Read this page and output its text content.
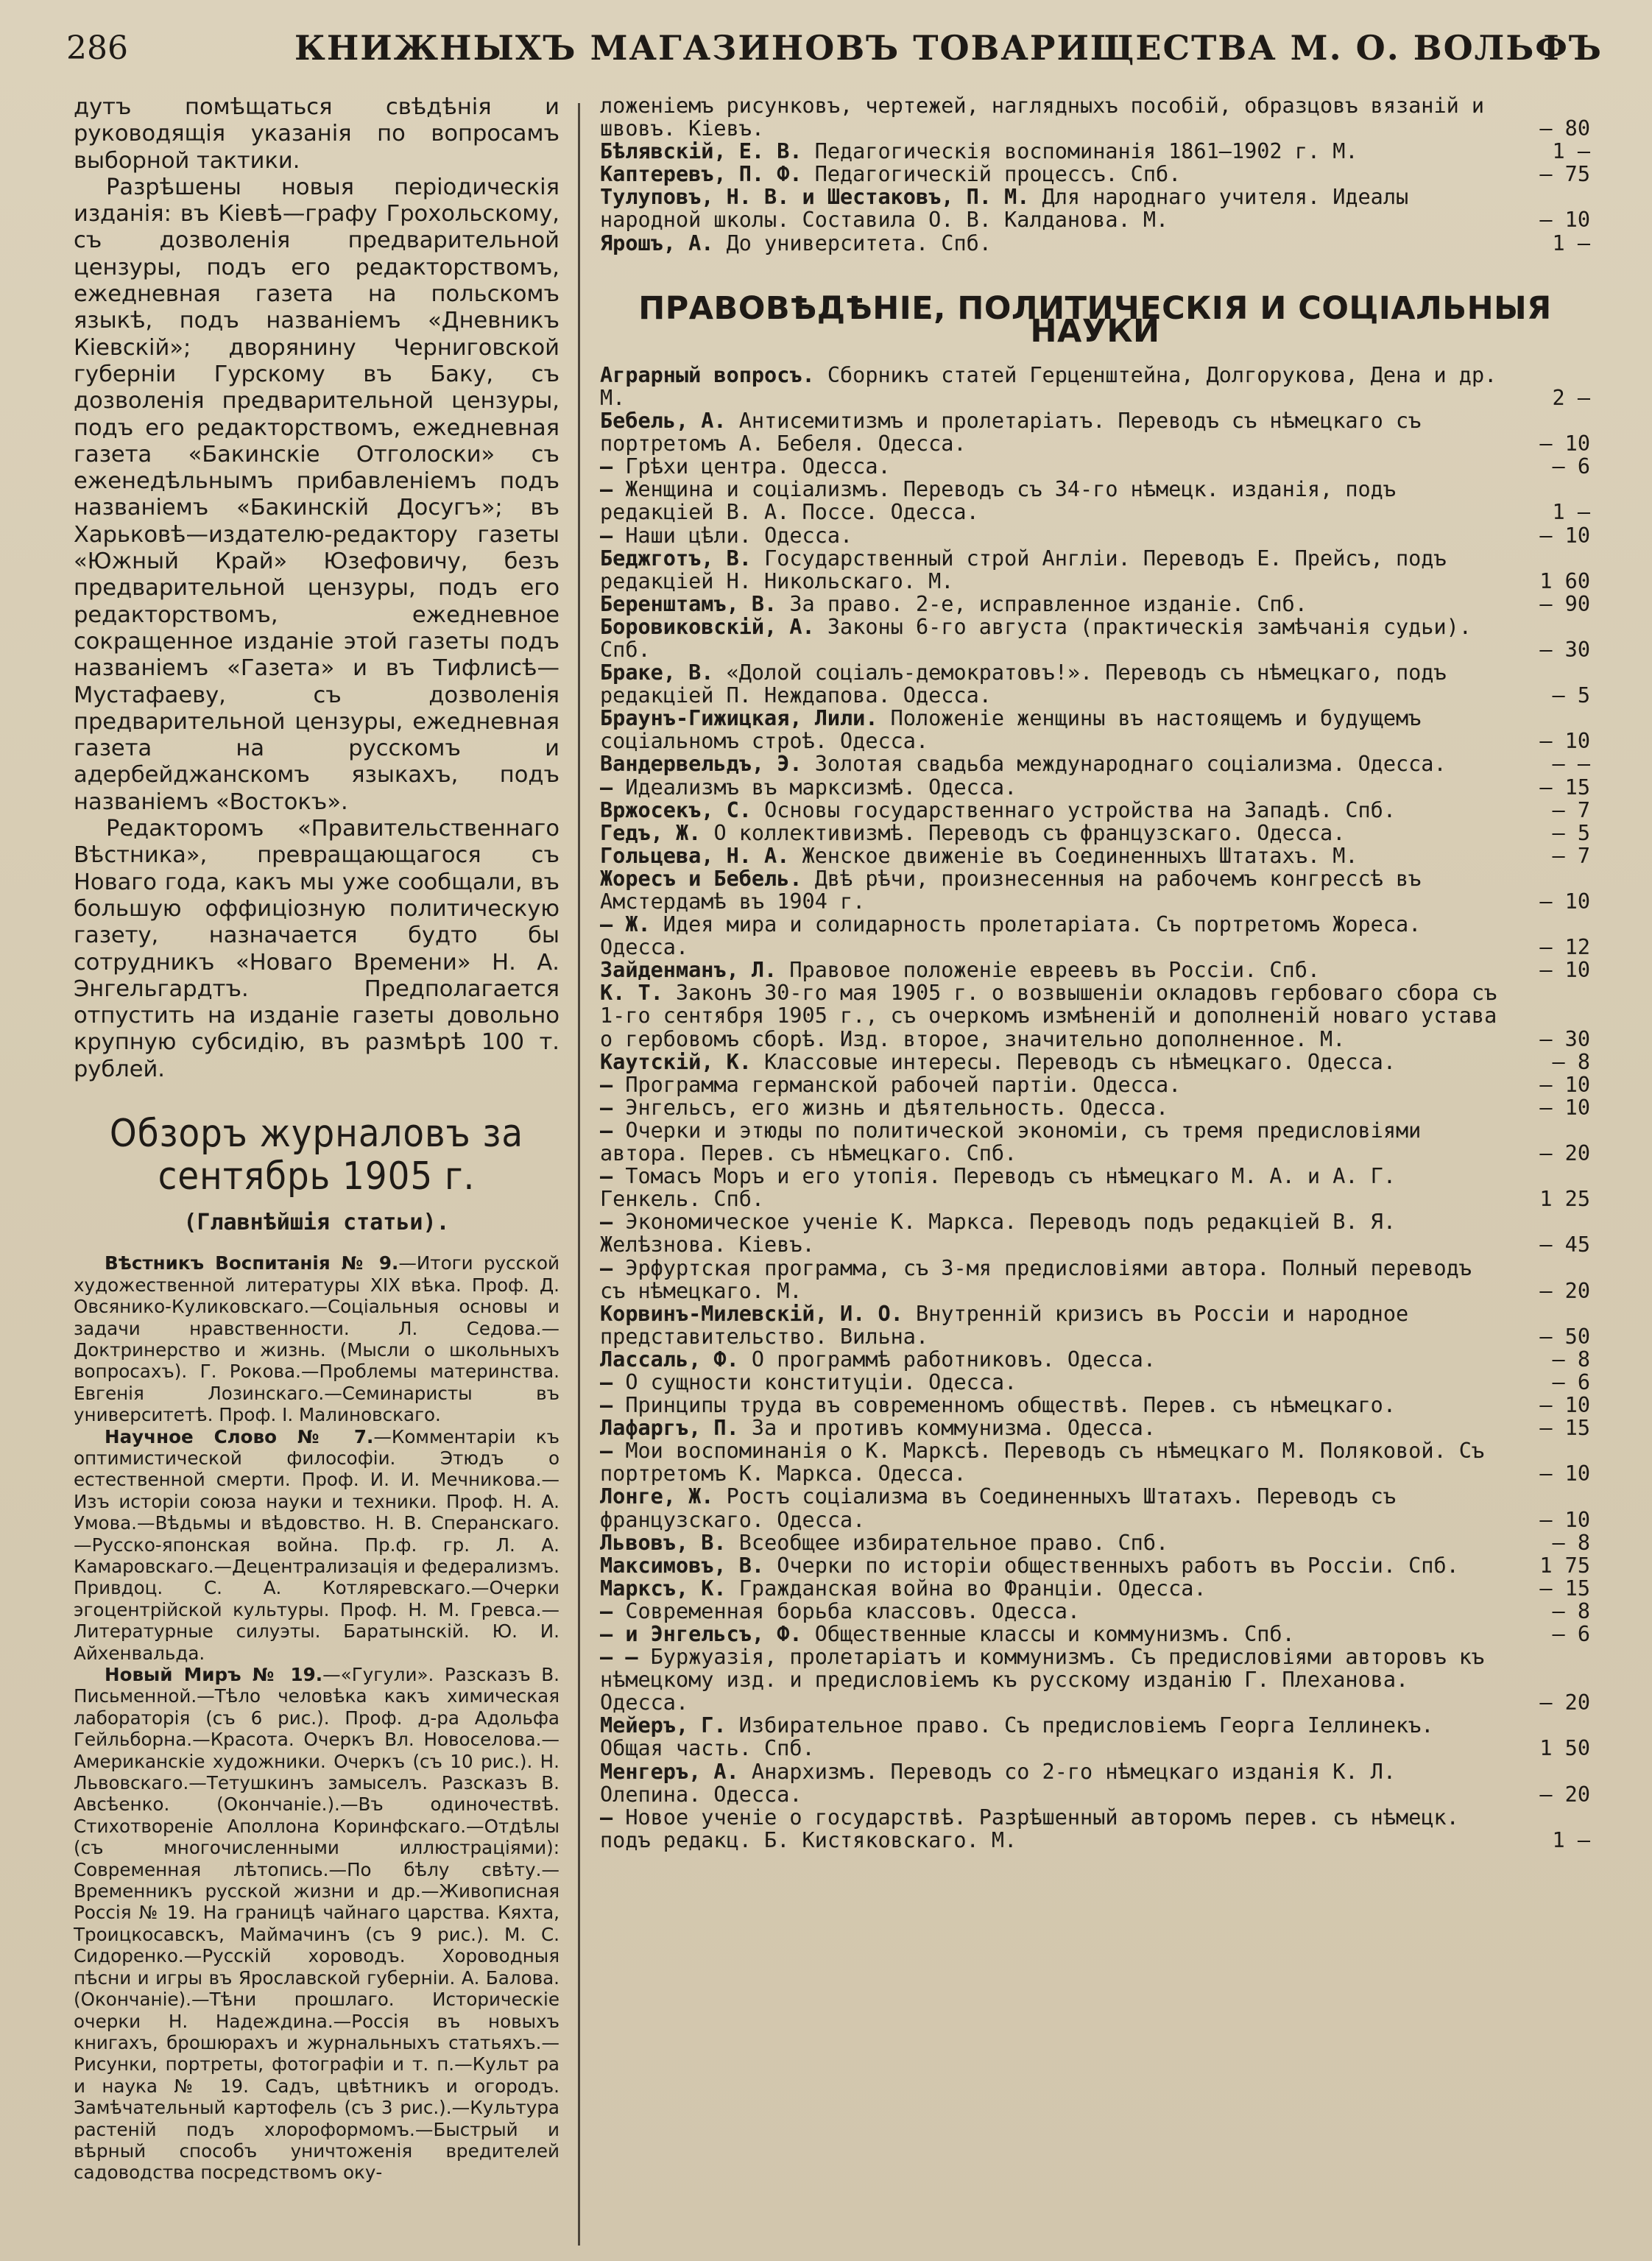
286	КНИЖНЫХЪ МАГАЗИНОВЪ ТОВАРИЩЕСТВА М. О. ВОЛЬФЪ

дутъ помѣщаться свѣдѣнія и руководящія указанія по вопросамъ выборной тактики.

Разрѣшены новыя періодическія изданія: въ Кіевѣ—графу Грохольскому, съ дозволенія предварительной цензуры, подъ его редакторствомъ, ежедневная газета на польскомъ языкѣ, подъ названіемъ «Дневникъ Кіевскій»; дворянину Черниговской губерніи Гурскому въ Баку, съ дозволенія предварительной цензуры, подъ его редакторствомъ, ежедневная газета «Бакинскіе Отголоски» съ еженедѣльнымъ прибавленіемъ подъ названіемъ «Бакинскій Досугъ»; въ Харьковѣ—издателю-редактору газеты «Южный Край» Юзефовичу, безъ предварительной цензуры, подъ его редакторствомъ, ежедневное сокращенное изданіе этой газеты подъ названіемъ «Газета» и въ Тифлисѣ—Мустафаеву, съ дозволенія предварительной цензуры, ежедневная газета на русскомъ и адербейджанскомъ языкахъ, подъ названіемъ «Востокъ».

Редакторомъ «Правительственнаго Вѣстника», превращающагося съ Новаго года, какъ мы уже сообщали, въ большую оффиціозную политическую газету, назначается будто бы сотрудникъ «Новаго Времени» Н. А. Энгельгардтъ. Предполагается отпустить на изданіе газеты довольно крупную субсидію, въ размѣрѣ 100 т. рублей.

Обзоръ журналовъ за сентябрь 1905 г.
(Главнѣйшія статьи).

Вѣстникъ Воспитанія № 9.—Итоги русской художественной литературы XIX вѣка. Проф. Д. Овсянико-Куликовскаго.—Соціальныя основы и задачи нравственности. Л. Седова.—Доктринерство и жизнь. (Мысли о школьныхъ вопросахъ). Г. Рокова.—Проблемы материнства. Евгенія Лозинскаго.—Семинаристы въ университетѣ. Проф. I. Малиновскаго.

Научное Слово № 7.—Комментаріи къ оптимистической философіи. Этюдъ о естественной смерти. Проф. И. И. Мечникова.—Изъ исторіи союза науки и техники. Проф. Н. А. Умова.—Вѣдьмы и вѣдовство. Н. В. Сперанскаго.—Русско-японская война. Пр.ф. гр. Л. А. Камаровскаго.—Децентрализація и федерализмъ. Привдоц. С. А. Котляревскаго.—Очерки эгоцентрійской культуры. Проф. Н. М. Гревса.—Литературные силуэты. Баратынскій. Ю. И. Айхенвальда.

Новый Миръ № 19.—«Гугули». Разсказъ В. Письменной.—Тѣло человѣка какъ химическая лабораторія (съ 6 рис.). Проф. д-ра Адольфа Гейльборна.—Красота. Очеркъ Вл. Новоселова.—Американскіе художники. Очеркъ (съ 10 рис.). Н. Львовскаго.—Тетушкинъ замыселъ. Разсказъ В. Авсѣенко. (Окончаніе.).—Въ одиночествѣ. Стихотвореніе Аполлона Коринфскаго.—Отдѣлы (съ многочисленными иллюстраціями): Современная лѣтопись.—По бѣлу свѣту.—Временникъ русской жизни и др.—Живописная Россія № 19. На границѣ чайнаго царства. Кяхта, Троицкосавскъ, Маймачинъ (съ 9 рис.). М. С. Сидоренко.—Русскій хороводъ. Хороводныя пѣсни и игры въ Ярославской губерніи. А. Балова. (Окончаніе).—Тѣни прошлаго. Историческіе очерки Н. Надеждина.—Россія въ новыхъ книгахъ, брошюрахъ и журнальныхъ статьяхъ.—Рисунки, портреты, фотографіи и т. п.—Культ ра и наука № 19. Садъ, цвѣтникъ и огородъ. Замѣчательный картофель (съ 3 рис.).—Культура растеній подъ хлороформомъ.—Быстрый и вѣрный способъ уничтоженія вредителей садоводства посредствомъ оку-

ложеніемъ рисунковъ, чертежей, наглядныхъ пособій, образцовъ вязаній и швовъ. Кіевъ.	— 80
Бѣлявскій, Е. В. Педагогическія воспоминанія 1861—1902 г. М.	1 —
Каптеревъ, П. Ф. Педагогическій процессъ. Спб.	— 75
Тулуповъ, Н. В. и Шестаковъ, П. М. Для народнаго учителя. Идеалы народной школы. Составила О. В. Калданова. М.	— 10
Ярошъ, А. До университета. Спб.	1 —
ПРАВОВѢДѢНІЕ, ПОЛИТИЧЕСКІЯ И СОЦІАЛЬНЫЯ НАУКИ
Аграрный вопросъ. Сборникъ статей Герценштейна, Долгорукова, Дена и др. М.	2 —
Бебель, А. Антисемитизмъ и пролетаріатъ. Переводъ съ нѣмецкаго съ портретомъ А. Бебеля. Одесса.	— 10
— Грѣхи центра. Одесса.	— 6
— Женщина и соціализмъ. Переводъ съ 34-го нѣмецк. изданія, подъ редакціей В. А. Поссе. Одесса.	1 —
— Наши цѣли. Одесса.	— 10
Беджготъ, В. Государственный строй Англіи. Переводъ Е. Прейсъ, подъ редакціей Н. Никольскаго. М.	1 60
Беренштамъ, В. За право. 2-е, исправленное изданіе. Спб.	— 90
Боровиковскій, А. Законы 6-го августа (практическія замѣчанія судьи). Спб.	— 30
Браке, В. «Долой соціалъ-демократовъ!». Переводъ съ нѣмецкаго, подъ редакціей П. Неждапова. Одесса.	— 5
Браунъ-Гижицкая, Лили. Положеніе женщины въ настоящемъ и будущемъ соціальномъ строѣ. Одесса.	— 10
Вандервельдъ, Э. Золотая свадьба международнаго соціализма. Одесса.	— —
— Идеализмъ въ марксизмѣ. Одесса.	— 15
Вржосекъ, С. Основы государственнаго устройства на Западѣ. Спб.	— 7
Гедъ, Ж. О коллективизмѣ. Переводъ съ французскаго. Одесса.	— 5
Гольцева, Н. А. Женское движеніе въ Соединенныхъ Штатахъ. М.	— 7
Жоресъ и Бебель. Двѣ рѣчи, произнесенныя на рабочемъ конгрессѣ въ Амстердамѣ въ 1904 г.	— 10
— Ж. Идея мира и солидарность пролетаріата. Съ портретомъ Жореса. Одесса.	— 12
Зайденманъ, Л. Правовое положеніе евреевъ въ Россіи. Спб.	— 10
К. Т. Законъ 30-го мая 1905 г. о возвышеніи окладовъ гербоваго сбора съ 1-го сентября 1905 г., съ очеркомъ измѣненій и дополненій новаго устава о гербовомъ сборѣ. Изд. второе, значительно дополненное. М.	— 30
Каутскій, К. Классовые интересы. Переводъ съ нѣмецкаго. Одесса.	— 8
— Программа германской рабочей партіи. Одесса.	— 10
— Энгельсъ, его жизнь и дѣятельность. Одесса.	— 10
— Очерки и этюды по политической экономіи, съ тремя предисловіями автора. Перев. съ нѣмецкаго. Спб.	— 20
— Томасъ Моръ и его утопія. Переводъ съ нѣмецкаго М. А. и А. Г. Генкель. Спб.	1 25
— Экономическое ученіе К. Маркса. Переводъ подъ редакціей В. Я. Желѣзнова. Кіевъ.	— 45
— Эрфуртская программа, съ 3-мя предисловіями автора. Полный переводъ съ нѣмецкаго. М.	— 20
Корвинъ-Милевскій, И. О. Внутренній кризисъ въ Россіи и народное представительство. Вильна.	— 50
Лассаль, Ф. О программѣ работниковъ. Одесса.	— 8
— О сущности конституціи. Одесса.	— 6
— Принципы труда въ современномъ обществѣ. Перев. съ нѣмецкаго.	— 10
Лафаргъ, П. За и противъ коммунизма. Одесса.	— 15
— Мои воспоминанія о К. Марксѣ. Переводъ съ нѣмецкаго М. Поляковой. Съ портретомъ К. Маркса. Одесса.	— 10
Лонге, Ж. Ростъ соціализма въ Соединенныхъ Штатахъ. Переводъ съ французскаго. Одесса.	— 10
Львовъ, В. Всеобщее избирательное право. Спб.	— 8
Максимовъ, В. Очерки по исторіи общественныхъ работъ въ Россіи. Спб.	1 75
Марксъ, К. Гражданская война во Франціи. Одесса.	— 15
— Современная борьба классовъ. Одесса.	— 8
— и Энгельсъ, Ф. Общественные классы и коммунизмъ. Спб.	— 6
— — Буржуазія, пролетаріатъ и коммунизмъ. Съ предисловіями авторовъ къ нѣмецкому изд. и предисловіемъ къ русскому изданію Г. Плеханова. Одесса.	— 20
Мейеръ, Г. Избирательное право. Съ предисловіемъ Георга Іеллинекъ. Общая часть. Спб.	1 50
Менгеръ, А. Анархизмъ. Переводъ со 2-го нѣмецкаго изданія К. Л. Олепина. Одесса.	— 20
— Новое ученіе о государствѣ. Разрѣшенный авторомъ перев. съ нѣмецк. подъ редакц. Б. Кистяковскаго. М.	1 —
